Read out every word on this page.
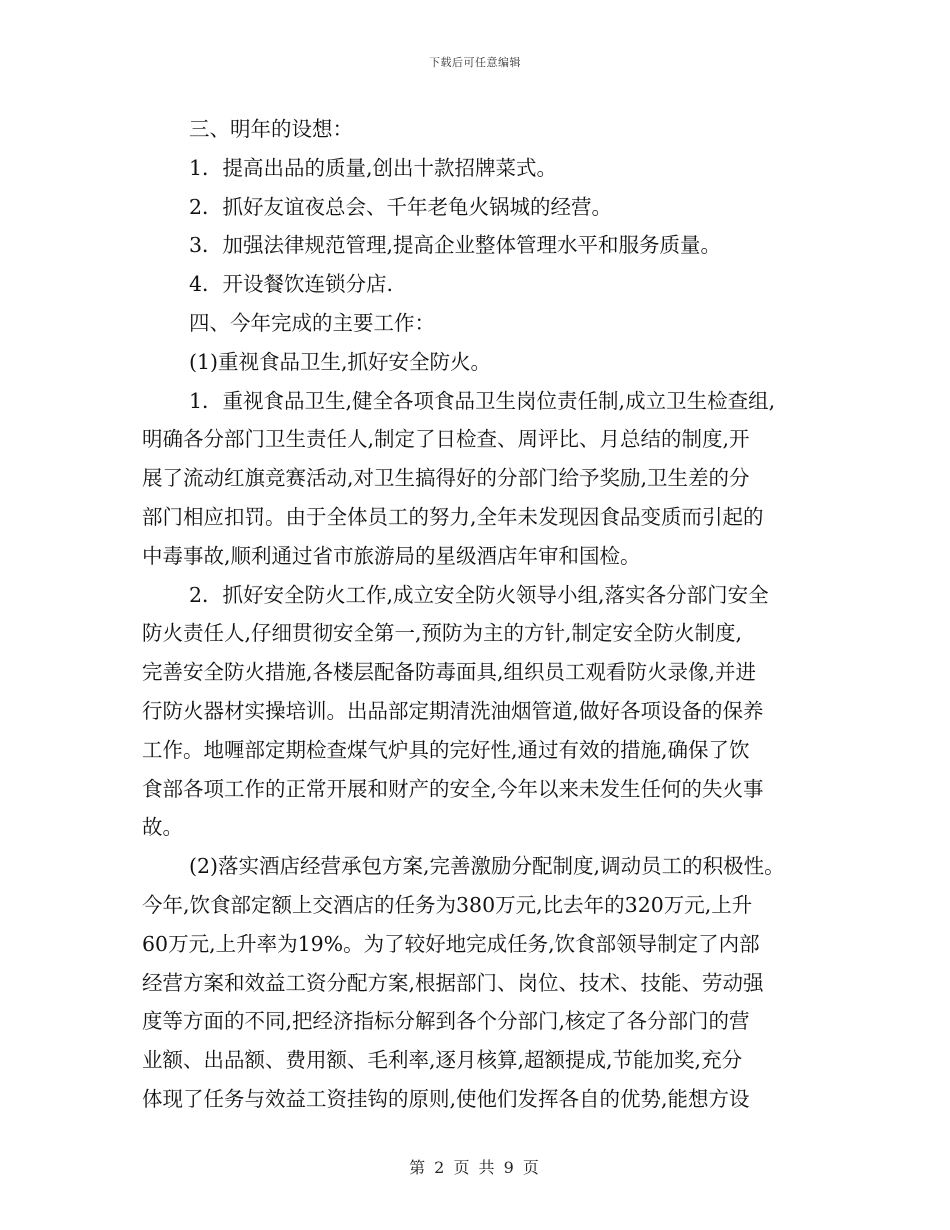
下载后可任意编辑
三、明年的设想：
1．提高出品的质量,创出十款招牌菜式。
2．抓好友谊夜总会、千年老龟火锅城的经营。
3．加强法律规范管理,提高企业整体管理水平和服务质量。
4．开设餐饮连锁分店.
四、今年完成的主要工作：
(1)重视食品卫生,抓好安全防火。
1．重视食品卫生,健全各项食品卫生岗位责任制,成立卫生检查组,
明确各分部门卫生责任人,制定了日检查、周评比、月总结的制度,开
展了流动红旗竞赛活动,对卫生搞得好的分部门给予奖励,卫生差的分
部门相应扣罚。由于全体员工的努力,全年未发现因食品变质而引起的
中毒事故,顺利通过省市旅游局的星级酒店年审和国检。
2．抓好安全防火工作,成立安全防火领导小组,落实各分部门安全
防火责任人,仔细贯彻安全第一,预防为主的方针,制定安全防火制度,
完善安全防火措施,各楼层配备防毒面具,组织员工观看防火录像,并进
行防火器材实操培训。出品部定期清洗油烟管道,做好各项设备的保养
工作。地喱部定期检查煤气炉具的完好性,通过有效的措施,确保了饮
食部各项工作的正常开展和财产的安全,今年以来未发生任何的失火事
故。
(2)落实酒店经营承包方案,完善激励分配制度,调动员工的积极性。
今年,饮食部定额上交酒店的任务为380万元,比去年的320万元,上升
60万元,上升率为19%。为了较好地完成任务,饮食部领导制定了内部
经营方案和效益工资分配方案,根据部门、岗位、技术、技能、劳动强
度等方面的不同,把经济指标分解到各个分部门,核定了各分部门的营
业额、出品额、费用额、毛利率,逐月核算,超额提成,节能加奖,充分
体现了任务与效益工资挂钩的原则,使他们发挥各自的优势,能想方设
第 2 页 共 9 页
